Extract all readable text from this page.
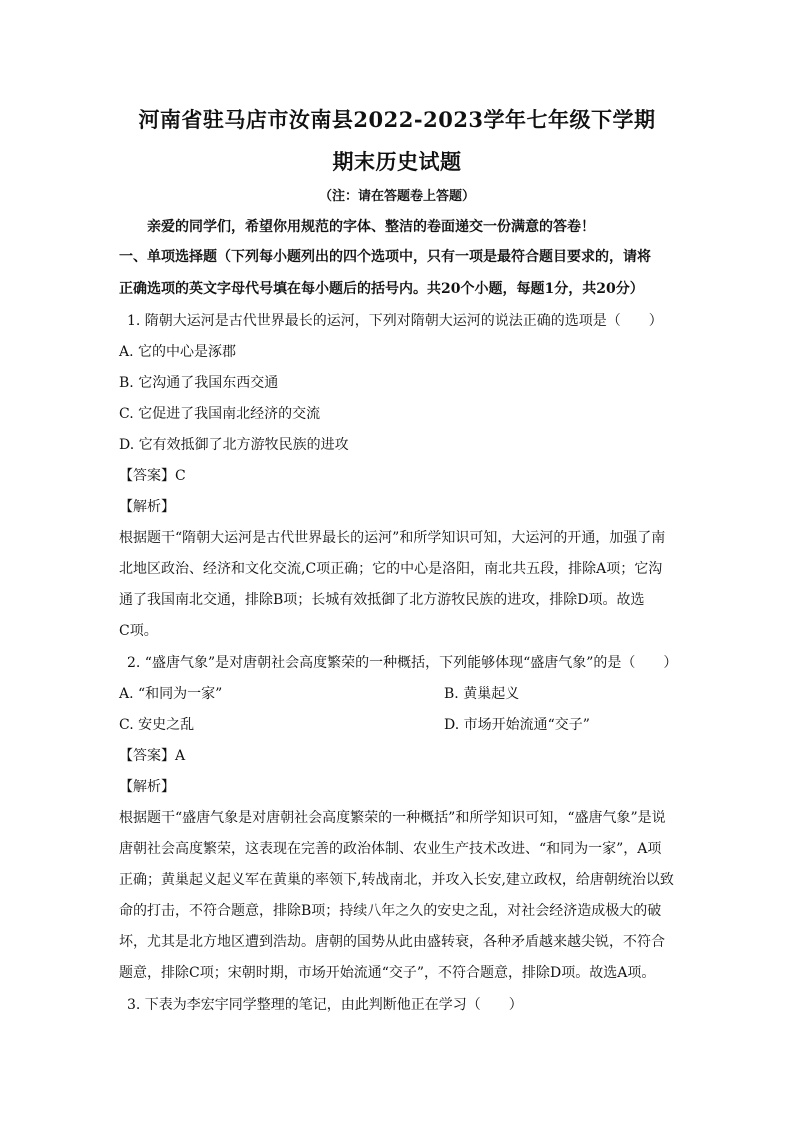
河南省驻马店市汝南县2022-2023学年七年级下学期
期末历史试题
（注：请在答题卷上答题）
亲爱的同学们，希望你用规范的字体、整洁的卷面递交一份满意的答卷！
一、单项选择题（下列每小题列出的四个选项中，只有一项是最符合题目要求的，请将
正确选项的英文字母代号填在每小题后的括号内。共20个小题，每题1分，共20分）
1. 隋朝大运河是古代世界最长的运河，下列对隋朝大运河的说法正确的选项是（　　）
A. 它的中心是涿郡
B. 它沟通了我国东西交通
C. 它促进了我国南北经济的交流
D. 它有效抵御了北方游牧民族的进攻
【答案】C
【解析】
根据题干“隋朝大运河是古代世界最长的运河”和所学知识可知，大运河的开通，加强了南
北地区政治、经济和文化交流,C项正确；它的中心是洛阳，南北共五段，排除A项；它沟
通了我国南北交通，排除B项；长城有效抵御了北方游牧民族的进攻，排除D项。故选
C项。
2. “盛唐气象”是对唐朝社会高度繁荣的一种概括，下列能够体现“盛唐气象”的是（　　）
A. “和同为一家”	B. 黄巢起义
C. 安史之乱	D. 市场开始流通“交子”
【答案】A
【解析】
根据题干“盛唐气象是对唐朝社会高度繁荣的一种概括”和所学知识可知，“盛唐气象”是说
唐朝社会高度繁荣，这表现在完善的政治体制、农业生产技术改进、“和同为一家”，A项
正确；黄巢起义起义军在黄巢的率领下,转战南北，并攻入长安,建立政权，给唐朝统治以致
命的打击，不符合题意，排除B项；持续八年之久的安史之乱，对社会经济造成极大的破
坏，尤其是北方地区遭到浩劫。唐朝的国势从此由盛转衰，各种矛盾越来越尖锐，不符合
题意，排除C项；宋朝时期，市场开始流通“交子”，不符合题意，排除D项。故选A项。
3. 下表为李宏宇同学整理的笔记，由此判断他正在学习（　　）
